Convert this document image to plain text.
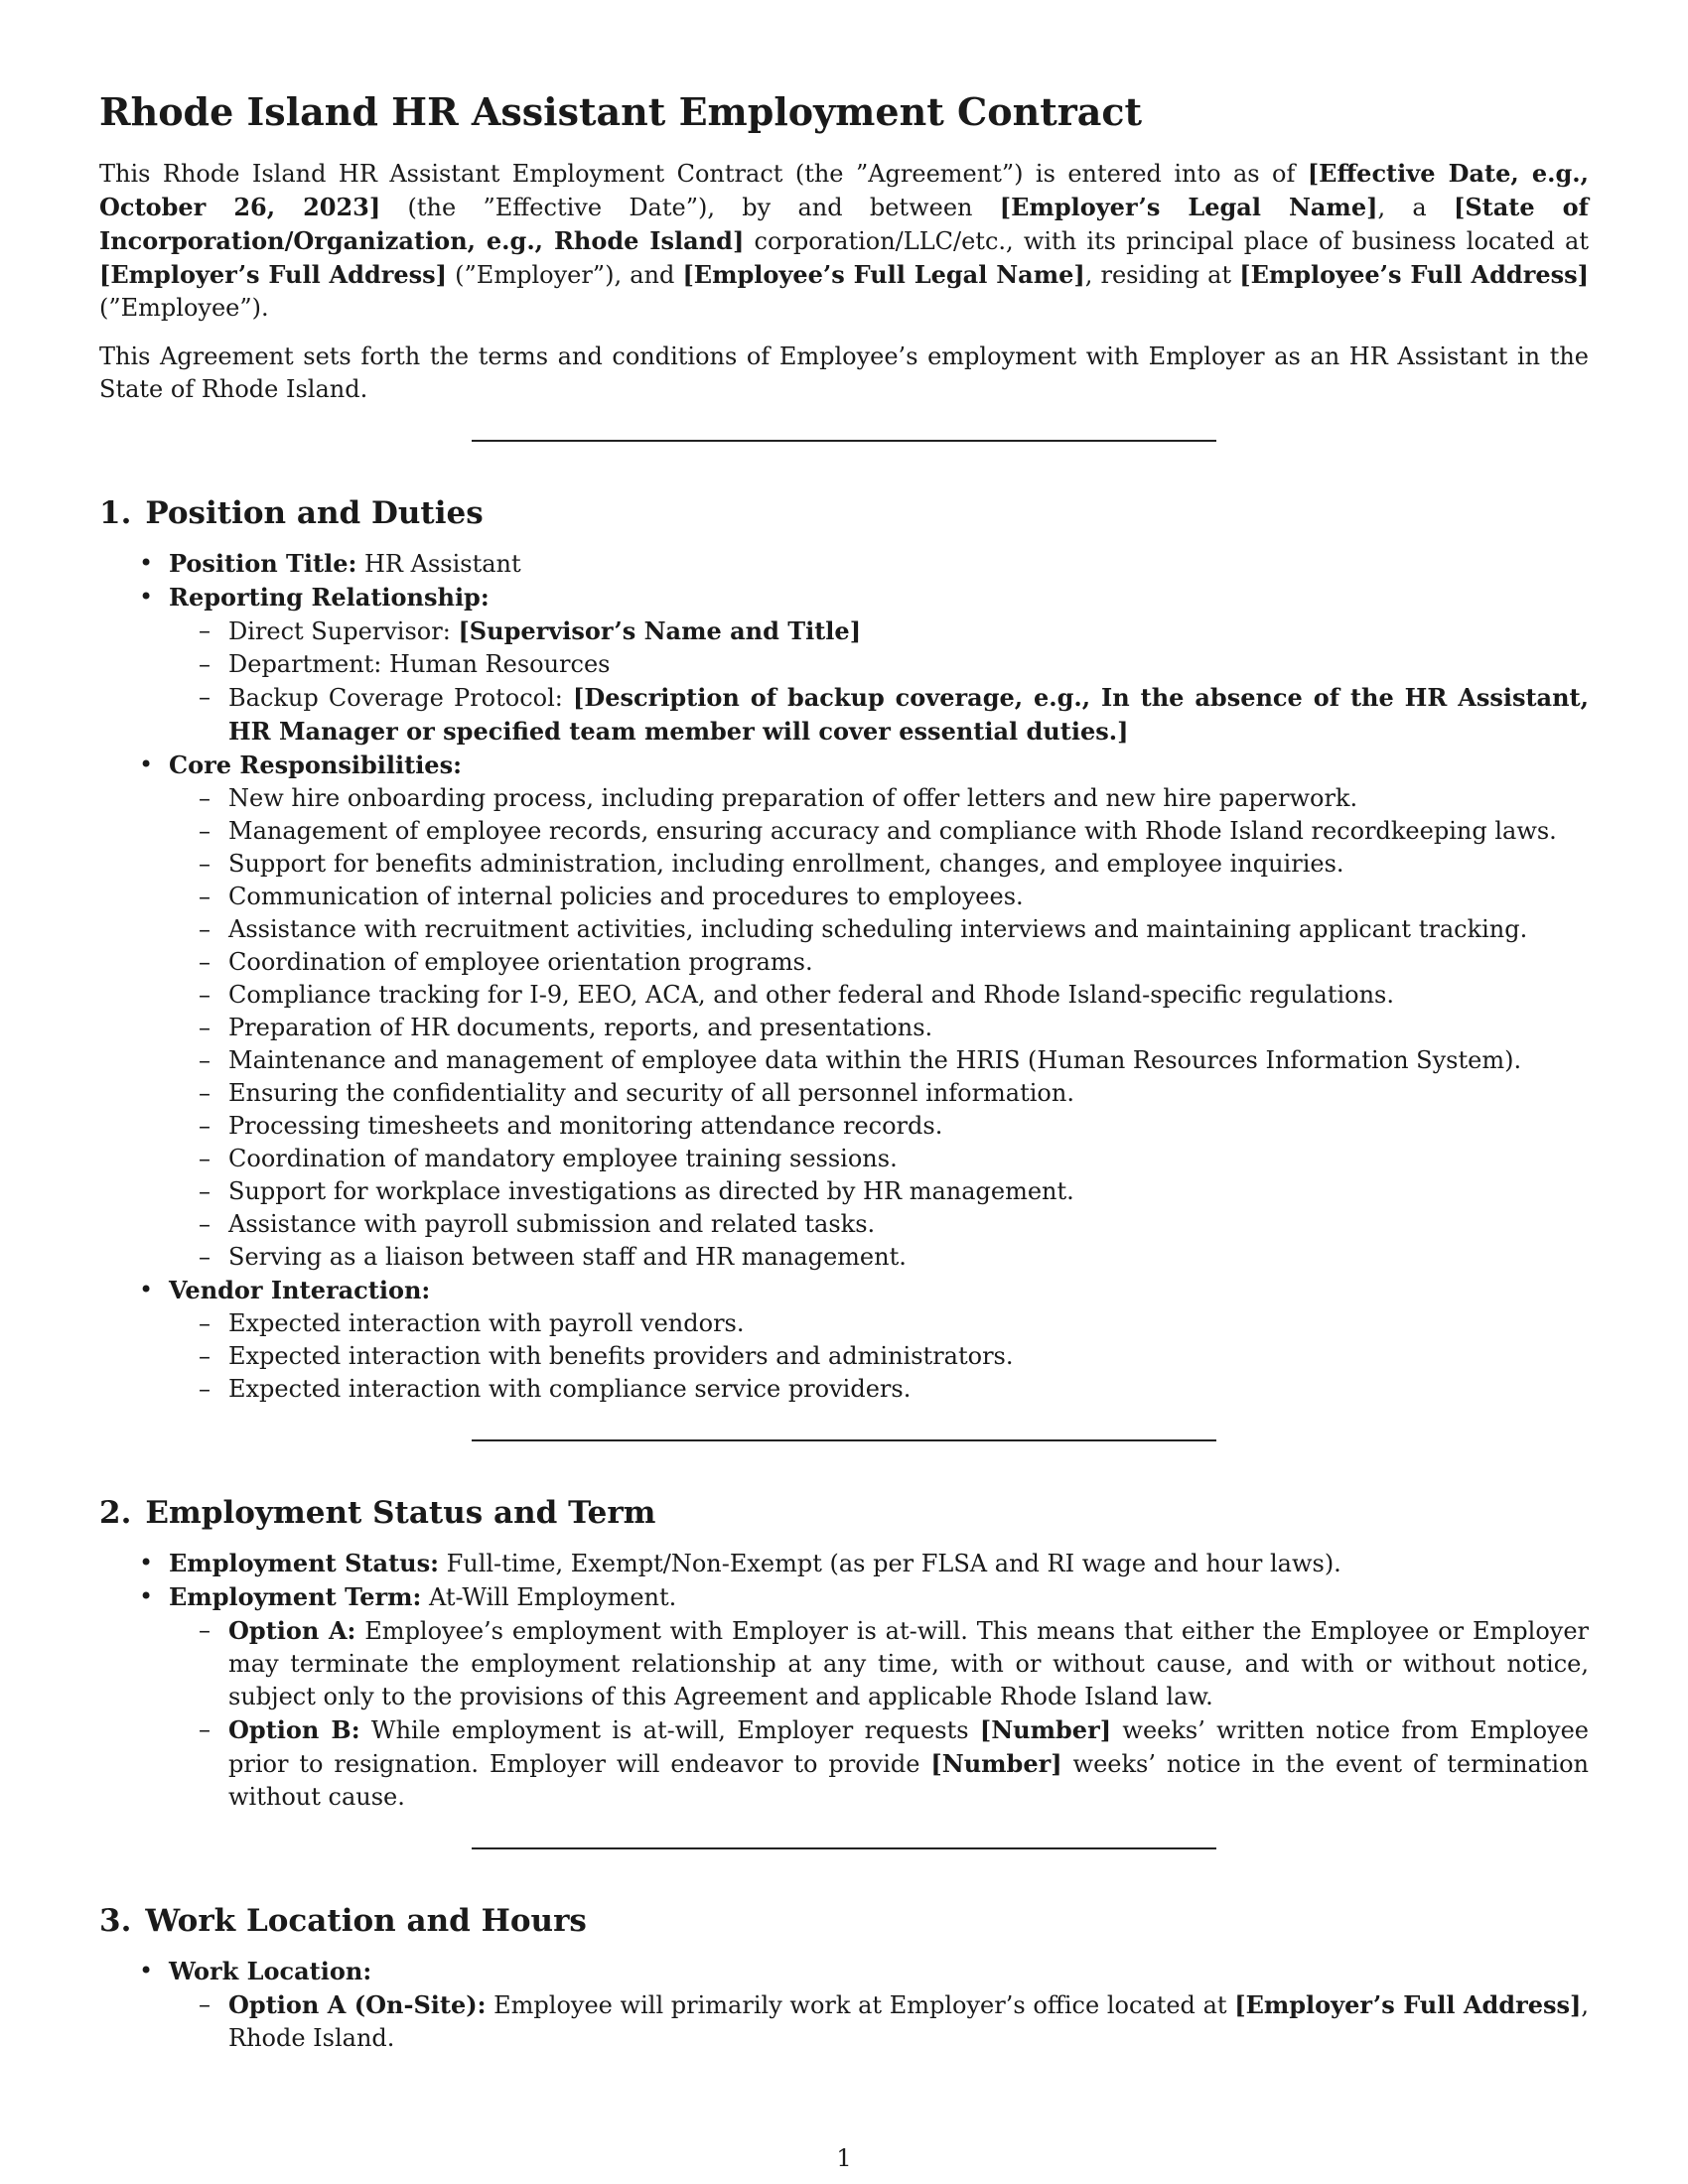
Rhode Island HR Assistant Employment Contract

This Rhode Island HR Assistant Employment Contract (the ”Agreement”) is entered into as of [Effective Date, e.g., October 26, 2023] (the ”Effective Date”), by and between [Employer’s Legal Name], a [State of Incorporation/Organization, e.g., Rhode Island] corporation/LLC/etc., with its principal place of business located at [Employer’s Full Address] (”Employer”), and [Employee’s Full Legal Name], residing at [Employee’s Full Address] (”Employee”).

This Agreement sets forth the terms and conditions of Employee’s employment with Employer as an HR Assistant in the State of Rhode Island.

1. Position and Duties
• Position Title: HR Assistant
• Reporting Relationship:
– Direct Supervisor: [Supervisor’s Name and Title]
– Department: Human Resources
– Backup Coverage Protocol: [Description of backup coverage, e.g., In the absence of the HR Assistant, HR Manager or specified team member will cover essential duties.]
• Core Responsibilities:
– New hire onboarding process, including preparation of offer letters and new hire paperwork.
– Management of employee records, ensuring accuracy and compliance with Rhode Island recordkeeping laws.
– Support for benefits administration, including enrollment, changes, and employee inquiries.
– Communication of internal policies and procedures to employees.
– Assistance with recruitment activities, including scheduling interviews and maintaining applicant tracking.
– Coordination of employee orientation programs.
– Compliance tracking for I-9, EEO, ACA, and other federal and Rhode Island-specific regulations.
– Preparation of HR documents, reports, and presentations.
– Maintenance and management of employee data within the HRIS (Human Resources Information System).
– Ensuring the confidentiality and security of all personnel information.
– Processing timesheets and monitoring attendance records.
– Coordination of mandatory employee training sessions.
– Support for workplace investigations as directed by HR management.
– Assistance with payroll submission and related tasks.
– Serving as a liaison between staff and HR management.
• Vendor Interaction:
– Expected interaction with payroll vendors.
– Expected interaction with benefits providers and administrators.
– Expected interaction with compliance service providers.
2. Employment Status and Term
• Employment Status: Full-time, Exempt/Non-Exempt (as per FLSA and RI wage and hour laws).
• Employment Term: At-Will Employment.
– Option A: Employee’s employment with Employer is at-will. This means that either the Employee or Employer may terminate the employment relationship at any time, with or without cause, and with or without notice, subject only to the provisions of this Agreement and applicable Rhode Island law.
– Option B: While employment is at-will, Employer requests [Number] weeks’ written notice from Employee prior to resignation. Employer will endeavor to provide [Number] weeks’ notice in the event of termination without cause.
3. Work Location and Hours
• Work Location:
– Option A (On-Site): Employee will primarily work at Employer’s office located at [Employer’s Full Address], Rhode Island.
1
